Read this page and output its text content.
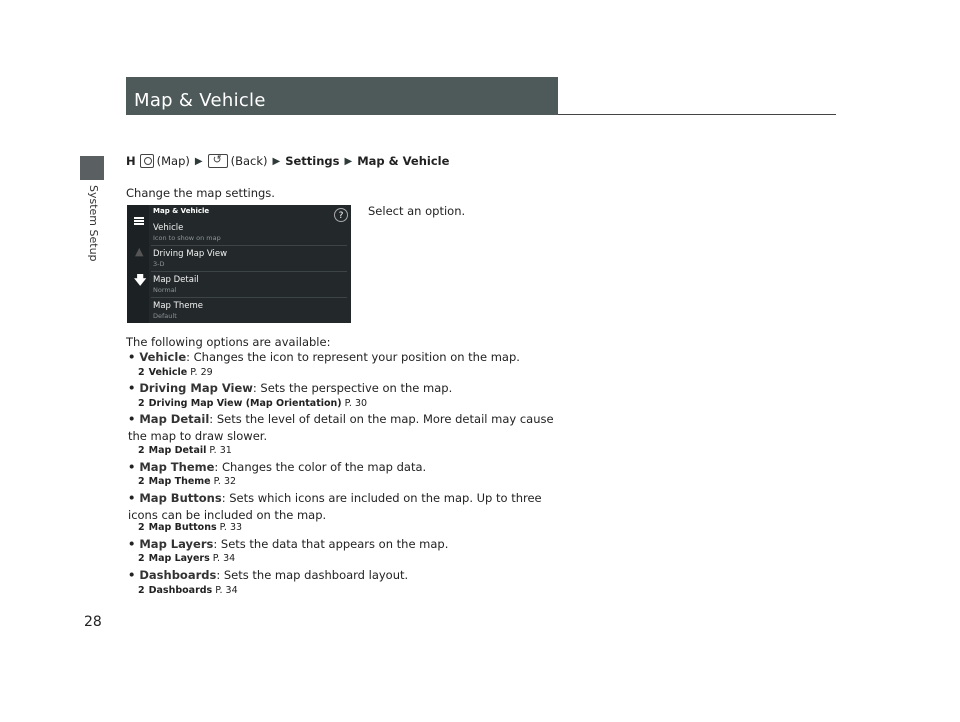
System Setup
Map & Vehicle
H (Map) ▶
↺ (Back) ▶ Settings ▶ Map & Vehicle
Change the map settings.
Select an option.
▲
🡇
Map & Vehicle	?
Vehicle
Icon to show on map
Driving Map View
3-D
Map Detail
Normal
Map Theme
Default
The following options are available:
• Vehicle: Changes the icon to represent your position on the map.
2 Vehicle P. 29
• Driving Map View: Sets the perspective on the map.
2 Driving Map View (Map Orientation) P. 30
• Map Detail: Sets the level of detail on the map. More detail may cause the map to draw slower.
2 Map Detail P. 31
• Map Theme: Changes the color of the map data.
2 Map Theme P. 32
• Map Buttons: Sets which icons are included on the map. Up to three icons can be included on the map.
2 Map Buttons P. 33
• Map Layers: Sets the data that appears on the map.
2 Map Layers P. 34
• Dashboards: Sets the map dashboard layout.
2 Dashboards P. 34
28
